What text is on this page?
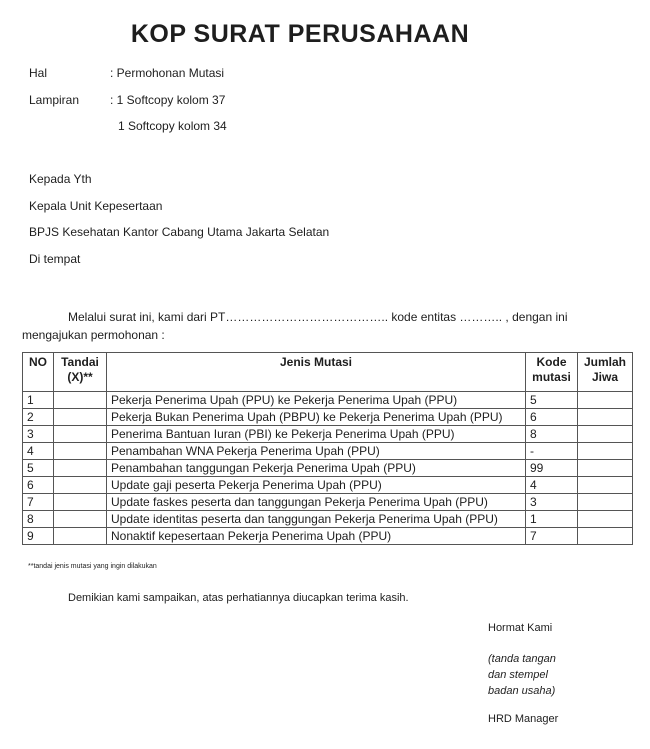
KOP SURAT PERUSAHAAN
Hal	: Permohonan Mutasi
Lampiran	: 1 Softcopy kolom 37
1 Softcopy kolom 34
Kepada Yth
Kepala Unit Kepesertaan
BPJS Kesehatan Kantor Cabang Utama Jakarta Selatan
Di tempat
Melalui surat ini, kami dari PT………………………………….. kode entitas ……….. , dengan ini
mengajukan permohonan :
NO	Tandai (X)**	Jenis Mutasi	Kode mutasi	Jumlah Jiwa
1		Pekerja Penerima Upah (PPU) ke Pekerja Penerima Upah (PPU)	5	
2		Pekerja Bukan Penerima Upah (PBPU) ke Pekerja Penerima Upah (PPU)	6	
3		Penerima Bantuan Iuran (PBI) ke Pekerja Penerima Upah (PPU)	8	
4		Penambahan WNA Pekerja Penerima Upah (PPU)	-	
5		Penambahan tanggungan Pekerja Penerima Upah (PPU)	99	
6		Update gaji peserta Pekerja Penerima Upah (PPU)	4	
7		Update faskes peserta dan tanggungan Pekerja Penerima Upah (PPU)	3	
8		Update identitas peserta dan tanggungan Pekerja Penerima Upah (PPU)	1	
9		Nonaktif kepesertaan Pekerja Penerima Upah (PPU)	7	
**tandai jenis mutasi yang ingin dilakukan
Demikian kami sampaikan, atas perhatiannya diucapkan terima kasih.
Hormat Kami
(tanda tangan
dan stempel
badan usaha)
HRD Manager
